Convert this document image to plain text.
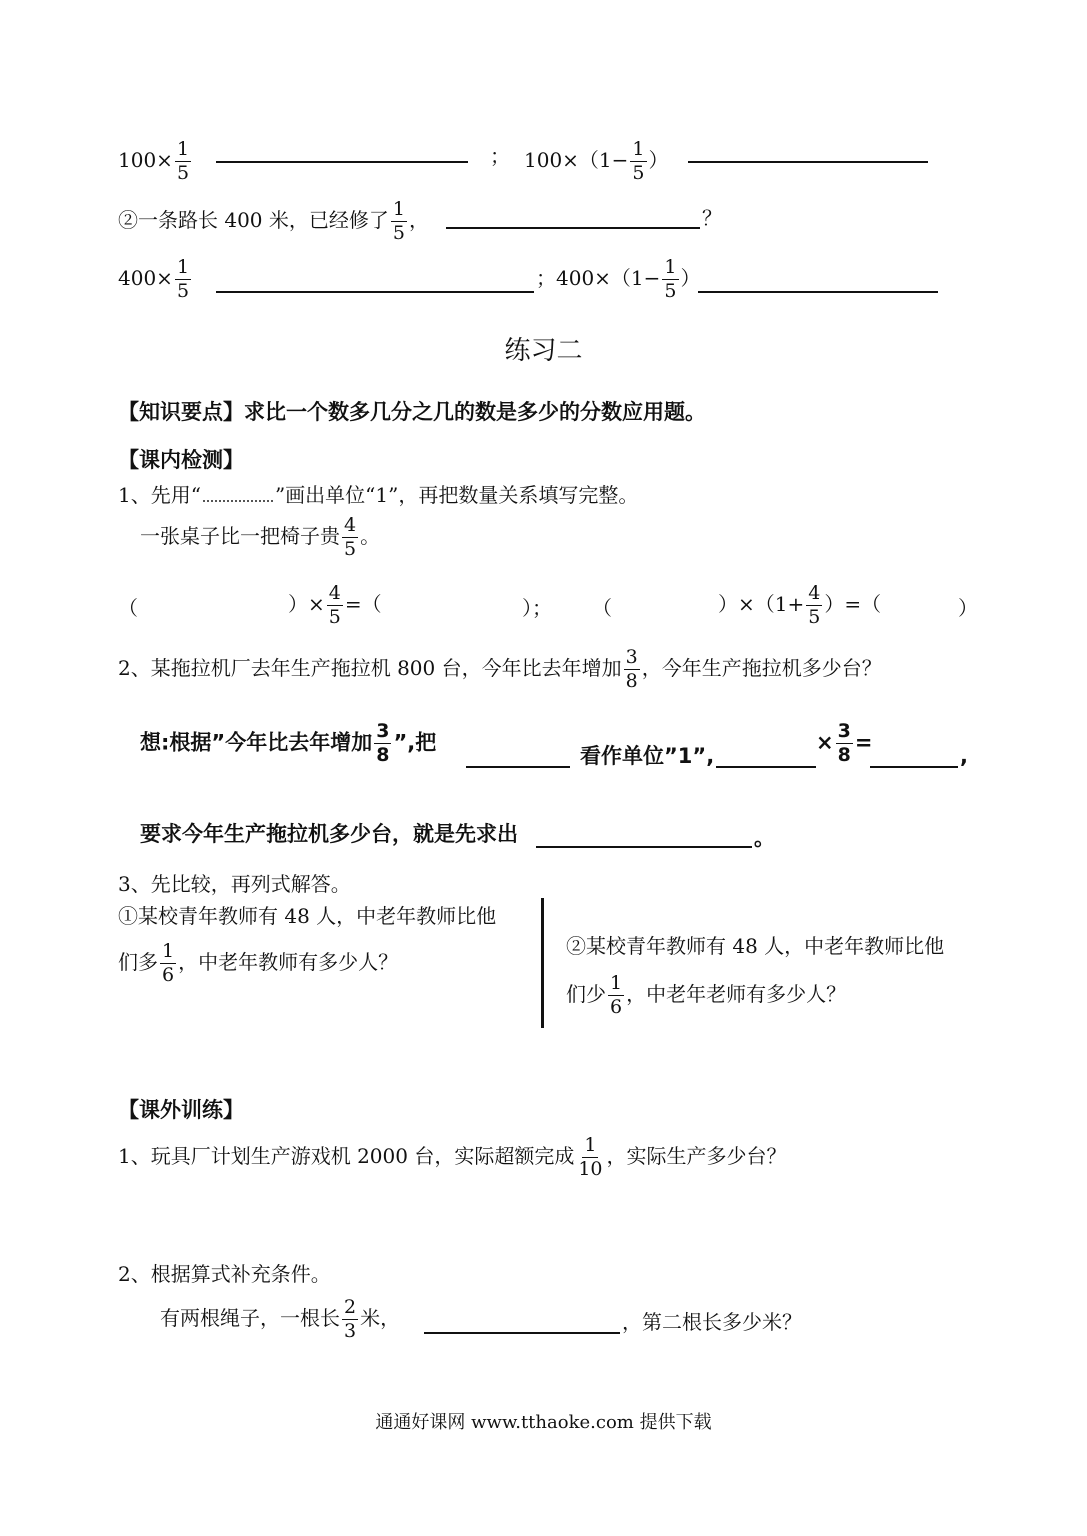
$100\times \frac{1}{5}$	； $100\times(1- \frac{1}{5}$ ）
②一条路长 400 米，已经修了 $\frac{1}{5}$ ，	？
$400\times \frac{1}{5}$	；$400\times(1- \frac{1}{5}$ ）
练习二
【知识要点】求比一个数多几分之几的数是多少的分数应用题。
【课内检测】
1、先用“	”画出单位“1”，再把数量关系填写完整。
一张桌子比一把椅子贵 $\frac{4}{5}$ 。
（	）× $\frac{4}{5}$ =（	）； （	）$\times(1+ \frac{4}{5}$ ）=（	）
2、某拖拉机厂去年生产拖拉机 800 台，今年比去年增加 $\frac{3}{8}$ ，今年生产拖拉机多少台？
想:根据”今年比去年增加 $\frac{3}{8}$ ”,把
看作单位”1”,
× $\frac{3}{8}$ =
,
要求今年生产拖拉机多少台，就是先求出	。
3、先比较，再列式解答。
①某校青年教师有 48 人，中老年教师比他
们多 $\frac{1}{6}$ ，中老年教师有多少人？
②某校青年教师有 48 人，中老年教师比他
们少 $\frac{1}{6}$ ，中老年老师有多少人？
【课外训练】
1、玩具厂计划生产游戏机 2000 台，实际超额完成 $\frac{1}{10}$ ，实际生产多少台？
2、根据算式补充条件。
有两根绳子，一根长 $\frac{2}{3}$ 米，	，第二根长多少米？
通通好课网 www.tthaoke.com 提供下载
